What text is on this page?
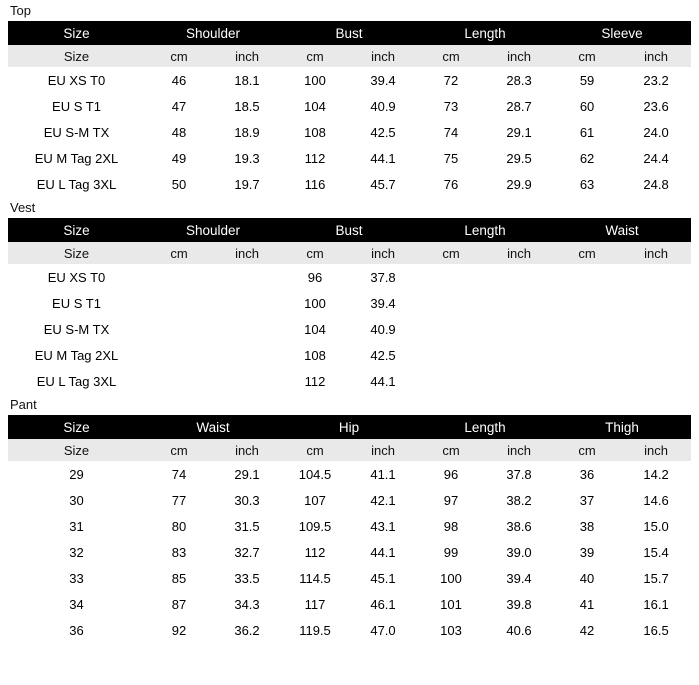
Top
Size	Shoulder		Bust		Length		Sleeve	
Size	cm	inch	cm	inch	cm	inch	cm	inch
EU XS T0	46	18.1	100	39.4	72	28.3	59	23.2
EU S T1	47	18.5	104	40.9	73	28.7	60	23.6
EU S-M TX	48	18.9	108	42.5	74	29.1	61	24.0
EU M Tag 2XL	49	19.3	112	44.1	75	29.5	62	24.4
EU L Tag 3XL	50	19.7	116	45.7	76	29.9	63	24.8
Vest
Size	Shoulder		Bust		Length		Waist	
Size	cm	inch	cm	inch	cm	inch	cm	inch
EU XS T0			96	37.8				
EU S T1			100	39.4				
EU S-M TX			104	40.9				
EU M Tag 2XL			108	42.5				
EU L Tag 3XL			112	44.1				
Pant
Size	Waist		Hip		Length		Thigh	
Size	cm	inch	cm	inch	cm	inch	cm	inch
29	74	29.1	104.5	41.1	96	37.8	36	14.2
30	77	30.3	107	42.1	97	38.2	37	14.6
31	80	31.5	109.5	43.1	98	38.6	38	15.0
32	83	32.7	112	44.1	99	39.0	39	15.4
33	85	33.5	114.5	45.1	100	39.4	40	15.7
34	87	34.3	117	46.1	101	39.8	41	16.1
36	92	36.2	119.5	47.0	103	40.6	42	16.5
